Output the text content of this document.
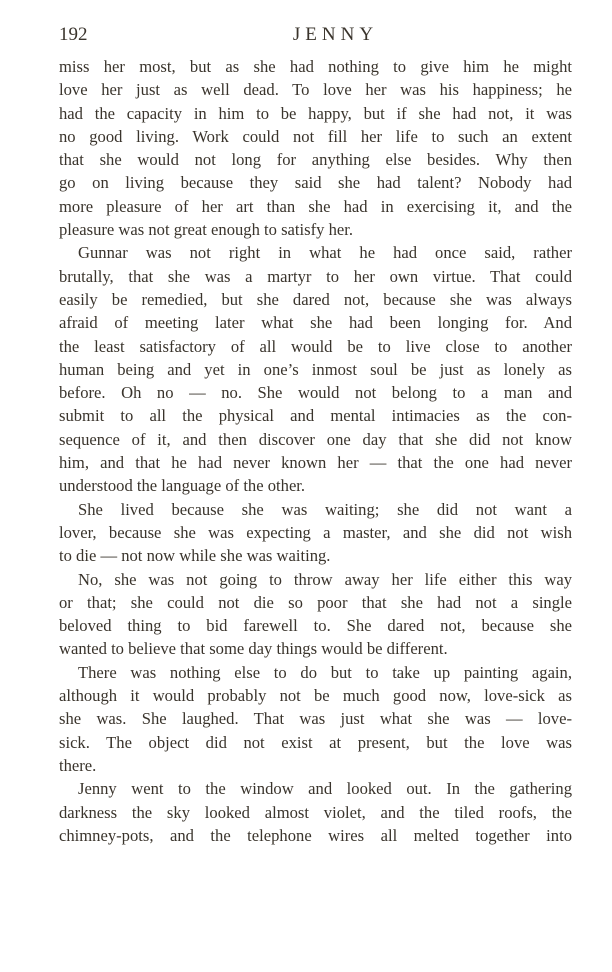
192	JENNY

miss her most, but as she had nothing to give him he might
love her just as well dead. To love her was his happiness; he
had the capacity in him to be happy, but if she had not, it was
no good living. Work could not fill her life to such an extent
that she would not long for anything else besides. Why then
go on living because they said she had talent? Nobody had
more pleasure of her art than she had in exercising it, and the
pleasure was not great enough to satisfy her.

Gunnar was not right in what he had once said, rather
brutally, that she was a martyr to her own virtue. That could
easily be remedied, but she dared not, because she was always
afraid of meeting later what she had been longing for. And
the least satisfactory of all would be to live close to another
human being and yet in one’s inmost soul be just as lonely as
before. Oh no — no. She would not belong to a man and
submit to all the physical and mental intimacies as the con-
sequence of it, and then discover one day that she did not know
him, and that he had never known her — that the one had never
understood the language of the other.

She lived because she was waiting; she did not want a
lover, because she was expecting a master, and she did not wish
to die — not now while she was waiting.

No, she was not going to throw away her life either this way
or that; she could not die so poor that she had not a single
beloved thing to bid farewell to. She dared not, because she
wanted to believe that some day things would be different.

There was nothing else to do but to take up painting again,
although it would probably not be much good now, love-sick as
she was. She laughed. That was just what she was — love-
sick. The object did not exist at present, but the love was
there.

Jenny went to the window and looked out. In the gathering
darkness the sky looked almost violet, and the tiled roofs, the
chimney-pots, and the telephone wires all melted together into
